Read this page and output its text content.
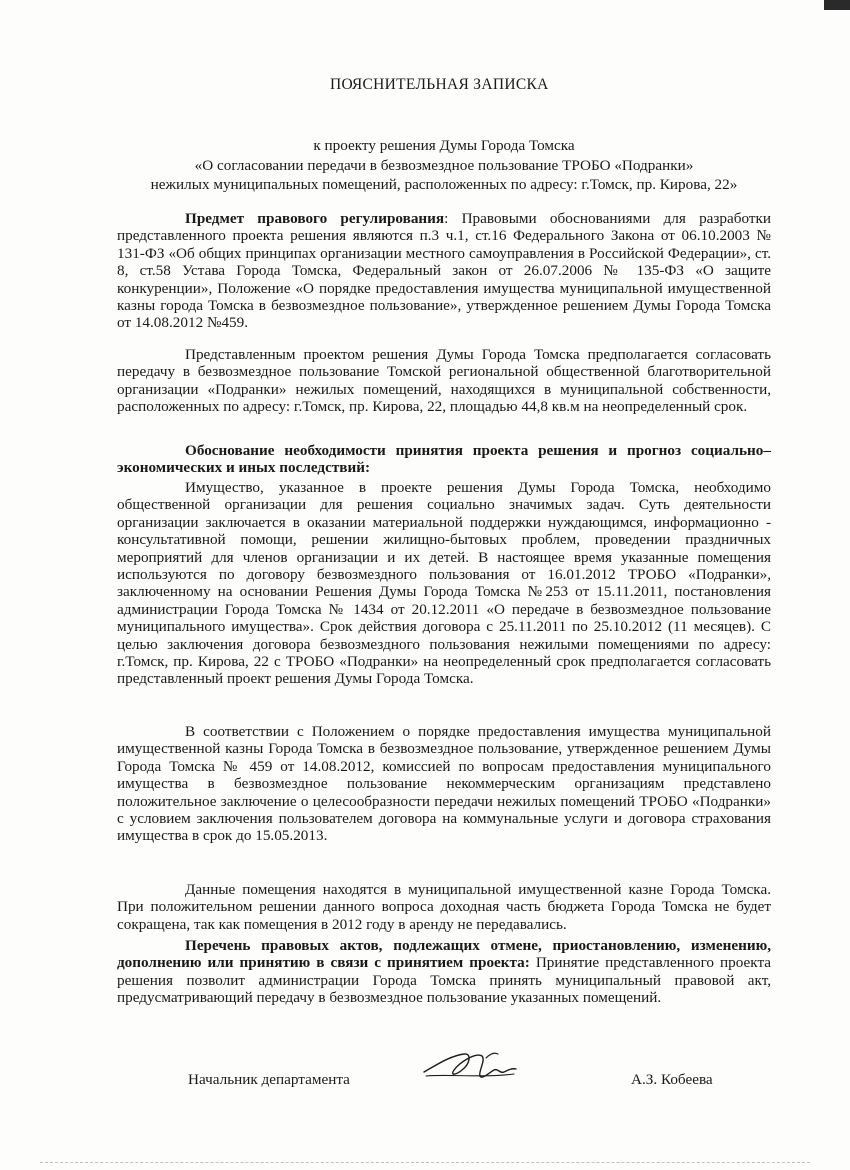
ПОЯСНИТЕЛЬНАЯ ЗАПИСКА
к проекту решения Думы Города Томска
«О согласовании передачи в безвозмездное пользование ТРОБО «Подранки»
нежилых муниципальных помещений, расположенных по адресу: г.Томск, пр. Кирова, 22»

Предмет правового регулирования: Правовыми обоснованиями для разработки представленного проекта решения являются п.3 ч.1, ст.16 Федерального Закона от 06.10.2003 № 131-ФЗ «Об общих принципах организации местного самоуправления в Российской Федерации», ст. 8, ст.58 Устава Города Томска, Федеральный закон от 26.07.2006 № 135-ФЗ «О защите конкуренции», Положение «О порядке предоставления имущества муниципальной имущественной казны города Томска в безвозмездное пользование», утвержденное решением Думы Города Томска от 14.08.2012 №459.

Представленным проектом решения Думы Города Томска предполагается согласовать передачу в безвозмездное пользование Томской региональной общественной благотворительной организации «Подранки» нежилых помещений, находящихся в муниципальной собственности, расположенных по адресу: г.Томск, пр. Кирова, 22, площадью 44,8 кв.м на неопределенный срок.

Обоснование необходимости принятия проекта решения и прогноз социально–экономических и иных последствий:

Имущество, указанное в проекте решения Думы Города Томска, необходимо общественной организации для решения социально значимых задач. Суть деятельности организации заключается в оказании материальной поддержки нуждающимся, информационно - консультативной помощи, решении жилищно-бытовых проблем, проведении праздничных мероприятий для членов организации и их детей. В настоящее время указанные помещения используются по договору безвозмездного пользования от 16.01.2012 ТРОБО «Подранки», заключенному на основании Решения Думы Города Томска №253 от 15.11.2011, постановления администрации Города Томска № 1434 от 20.12.2011 «О передаче в безвозмездное пользование муниципального имущества». Срок действия договора с 25.11.2011 по 25.10.2012 (11 месяцев). С целью заключения договора безвозмездного пользования нежилыми помещениями по адресу: г.Томск, пр. Кирова, 22 с ТРОБО «Подранки» на неопределенный срок предполагается согласовать представленный проект решения Думы Города Томска.

В соответствии с Положением о порядке предоставления имущества муниципальной имущественной казны Города Томска в безвозмездное пользование, утвержденное решением Думы Города Томска № 459 от 14.08.2012, комиссией по вопросам предоставления муниципального имущества в безвозмездное пользование некоммерческим организациям представлено положительное заключение о целесообразности передачи нежилых помещений ТРОБО «Подранки» с условием заключения пользователем договора на коммунальные услуги и договора страхования имущества в срок до 15.05.2013.

Данные помещения находятся в муниципальной имущественной казне Города Томска. При положительном решении данного вопроса доходная часть бюджета Города Томска не будет сокращена, так как помещения в 2012 году в аренду не передавались.

Перечень правовых актов, подлежащих отмене, приостановлению, изменению, дополнению или принятию в связи с принятием проекта: Принятие представленного проекта решения позволит администрации Города Томска принять муниципальный правовой акт, предусматривающий передачу в безвозмездное пользование указанных помещений.

Начальник департамента	А.З. Кобеева
